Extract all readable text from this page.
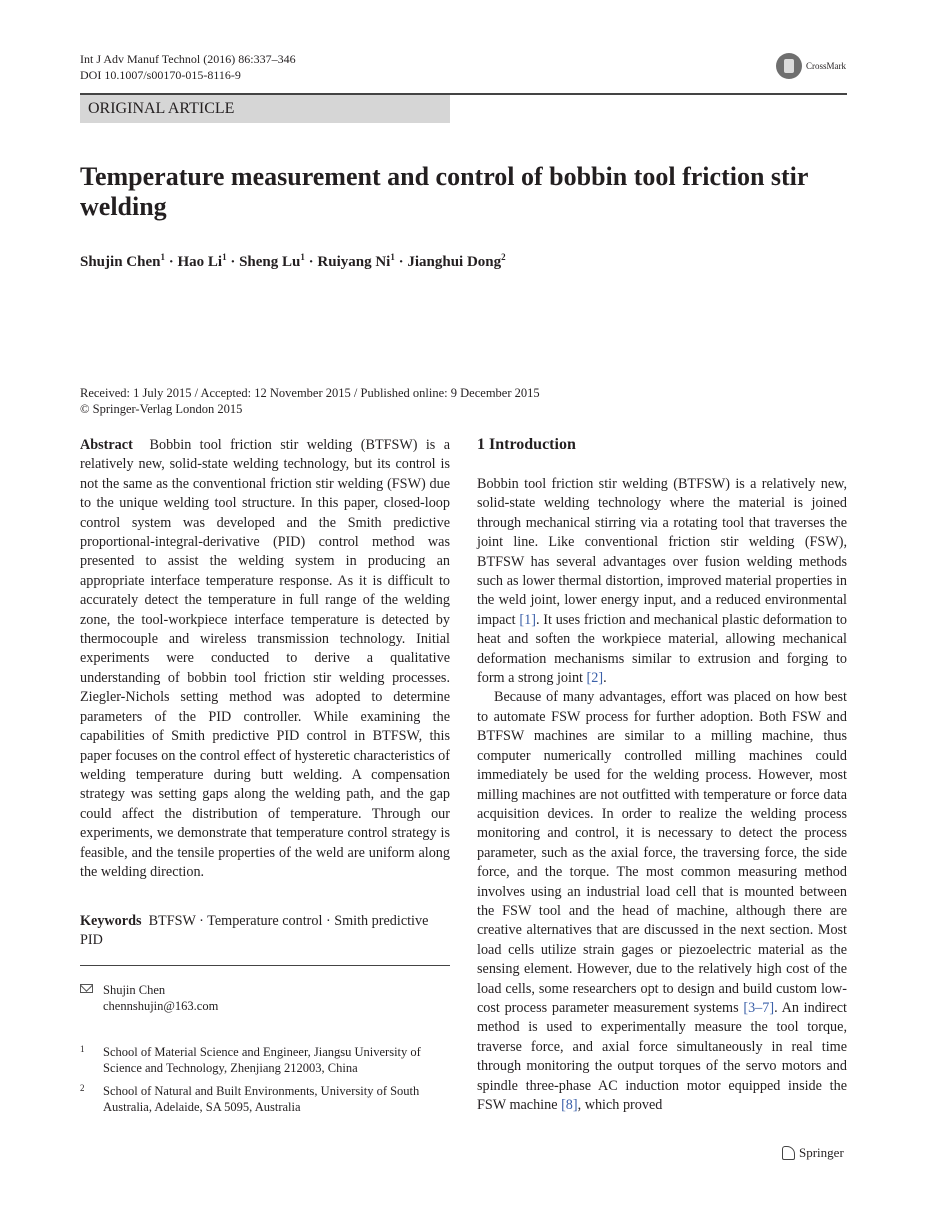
Int J Adv Manuf Technol (2016) 86:337–346
DOI 10.1007/s00170-015-8116-9
CrossMark
ORIGINAL ARTICLE
Temperature measurement and control of bobbin tool friction stir welding
Shujin Chen$^1$ · Hao $Li^1$ · Sheng $Lu^1$ · Ruiyang $Ni^1$ · Jianghui Dong$^2$
Received: 1 July 2015 / Accepted: 12 November 2015 / Published online: 9 December 2015
© Springer-Verlag London 2015

Abstract Bobbin tool friction stir welding (BTFSW) is a relatively new, solid-state welding technology, but its control is not the same as the conventional friction stir welding (FSW) due to the unique welding tool structure. In this paper, closed-loop control system was developed and the Smith predictive proportional-integral-derivative (PID) control method was presented to assist the welding system in producing an appropriate interface temperature response. As it is difficult to accurately detect the temperature in full range of the welding zone, the tool-workpiece interface temperature is detected by thermocouple and wireless transmission technology. Initial experiments were conducted to derive a qualitative understanding of bobbin tool friction stir welding processes. Ziegler-Nichols setting method was adopted to determine parameters of the PID controller. While examining the capabilities of Smith predictive PID control in BTFSW, this paper focuses on the control effect of hysteretic characteristics of welding temperature during butt welding. A compensation strategy was setting gaps along the welding path, and the gap could affect the distribution of temperature. Through our experiments, we demonstrate that temperature control strategy is feasible, and the tensile properties of the weld are uniform along the welding direction.

Keywords BTFSW · Temperature control · Smith predictive PID
Shujin Chen
chennshujin@163.com
1 School of Material Science and Engineer, Jiangsu University of Science and Technology, Zhenjiang 212003, China
2 School of Natural and Built Environments, University of South Australia, Adelaide, SA 5095, Australia
1 Introduction

Bobbin tool friction stir welding (BTFSW) is a relatively new, solid-state welding technology where the material is joined through mechanical stirring via a rotating tool that traverses the joint line. Like conventional friction stir welding (FSW), BTFSW has several advantages over fusion welding methods such as lower thermal distortion, improved material properties in the weld joint, lower energy input, and a reduced environmental impact [1]. It uses friction and mechanical plastic deformation to heat and soften the workpiece material, allowing mechanical deformation mechanisms similar to extrusion and forging to form a strong joint [2].

Because of many advantages, effort was placed on how best to automate FSW process for further adoption. Both FSW and BTFSW machines are similar to a milling machine, thus computer numerically controlled milling machines could immediately be used for the welding process. However, most milling machines are not outfitted with temperature or force data acquisition devices. In order to realize the welding process monitoring and control, it is necessary to detect the process parameter, such as the axial force, the traversing force, the side force, and the torque. The most common measuring method involves using an industrial load cell that is mounted between the FSW tool and the head of machine, although there are creative alternatives that are discussed in the next section. Most load cells utilize strain gages or piezoelectric material as the sensing element. However, due to the relatively high cost of the load cells, some researchers opt to design and build custom low-cost process parameter measurement systems [3–7]. An indirect method is used to experimentally measure the tool torque, traverse force, and axial force simultaneously in real time through monitoring the output torques of the servo motors and spindle three-phase AC induction motor equipped inside the FSW machine [8], which proved

Springer
